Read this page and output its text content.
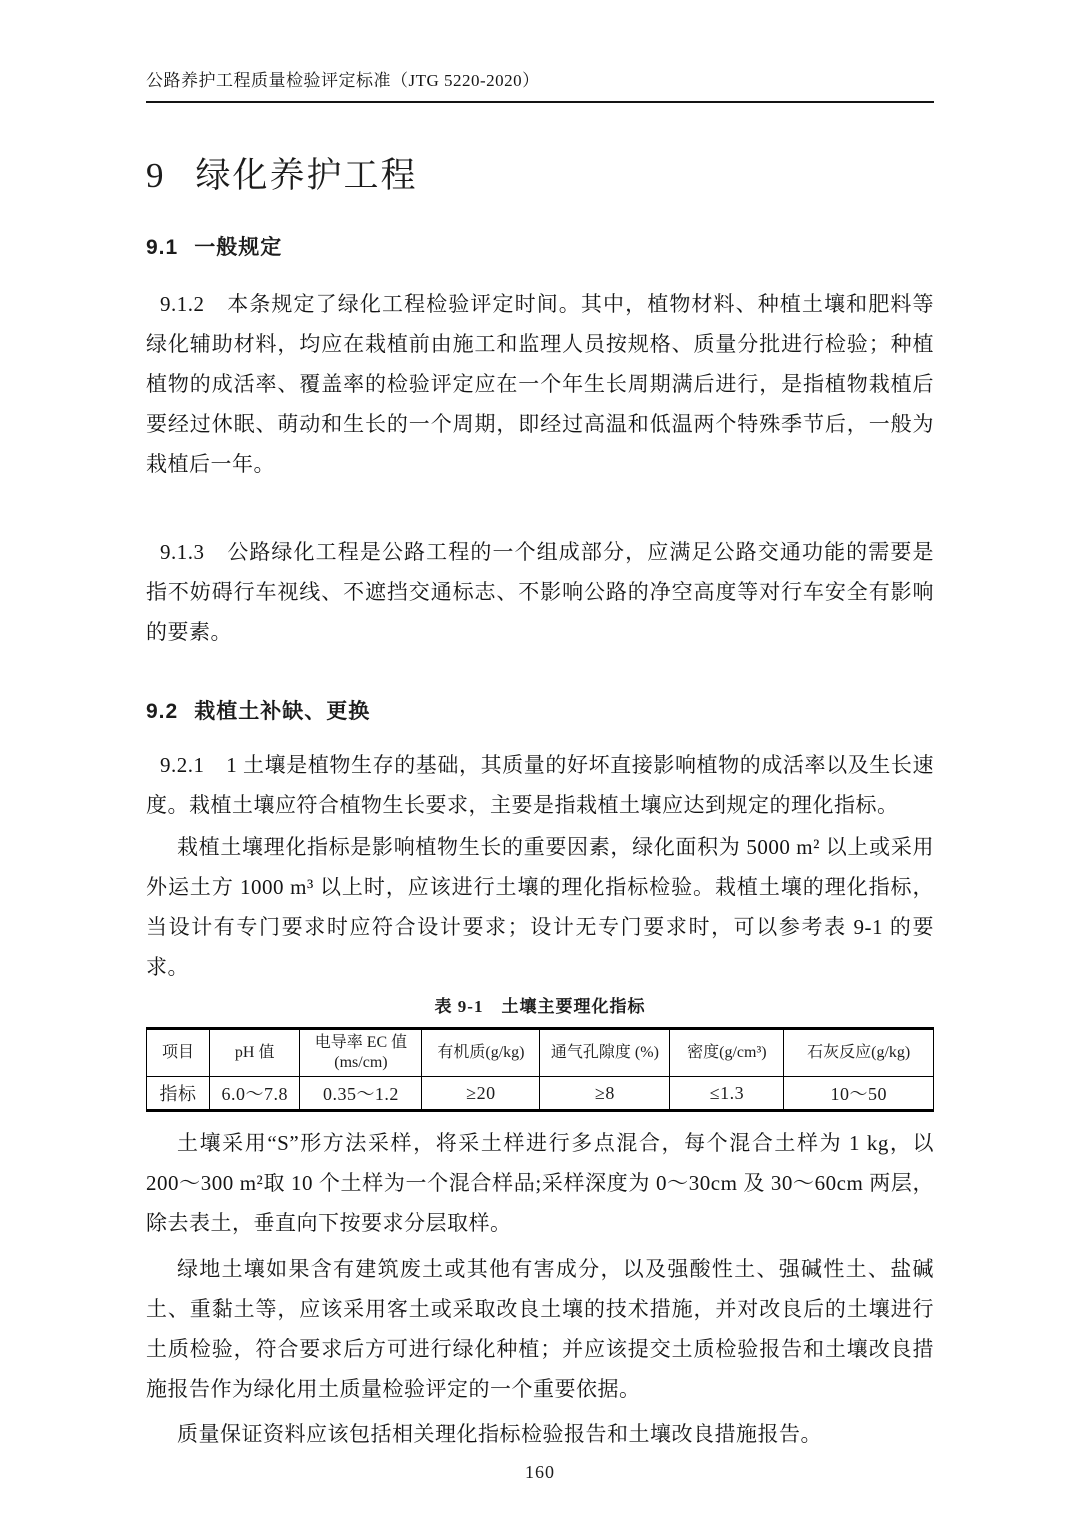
公路养护工程质量检验评定标准（JTG 5220-2020）
9 绿化养护工程
9.1 一般规定

9.1.2　本条规定了绿化工程检验评定时间。其中，植物材料、种植土壤和肥料等绿化辅助材料，均应在栽植前由施工和监理人员按规格、质量分批进行检验；种植植物的成活率、覆盖率的检验评定应在一个年生长周期满后进行，是指植物栽植后要经过休眠、萌动和生长的一个周期，即经过高温和低温两个特殊季节后，一般为栽植后一年。

9.1.3　公路绿化工程是公路工程的一个组成部分，应满足公路交通功能的需要是指不妨碍行车视线、不遮挡交通标志、不影响公路的净空高度等对行车安全有影响的要素。

9.2 栽植土补缺、更换

9.2.1　1 土壤是植物生存的基础，其质量的好坏直接影响植物的成活率以及生长速度。栽植土壤应符合植物生长要求，主要是指栽植土壤应达到规定的理化指标。

栽植土壤理化指标是影响植物生长的重要因素，绿化面积为 5000 m² 以上或采用外运土方 1000 m³ 以上时，应该进行土壤的理化指标检验。栽植土壤的理化指标，当设计有专门要求时应符合设计要求；设计无专门要求时，可以参考表 9-1 的要求。

表 9-1　土壤主要理化指标
项目	pH 值	电导率 EC 值 (ms/cm)	有机质(g/kg)	通气孔隙度 (%)	密度(g/cm³)	石灰反应(g/kg)
指标	6.0～7.8	0.35～1.2	≥20	≥8	≤1.3	10～50

土壤采用“S”形方法采样，将采土样进行多点混合，每个混合土样为 1 kg，以 200～300 m²取 10 个土样为一个混合样品;采样深度为 0～30cm 及 30～60cm 两层，除去表土，垂直向下按要求分层取样。

绿地土壤如果含有建筑废土或其他有害成分，以及强酸性土、强碱性土、盐碱土、重黏土等，应该采用客土或采取改良土壤的技术措施，并对改良后的土壤进行土质检验，符合要求后方可进行绿化种植；并应该提交土质检验报告和土壤改良措施报告作为绿化用土质量检验评定的一个重要依据。

质量保证资料应该包括相关理化指标检验报告和土壤改良措施报告。

160
